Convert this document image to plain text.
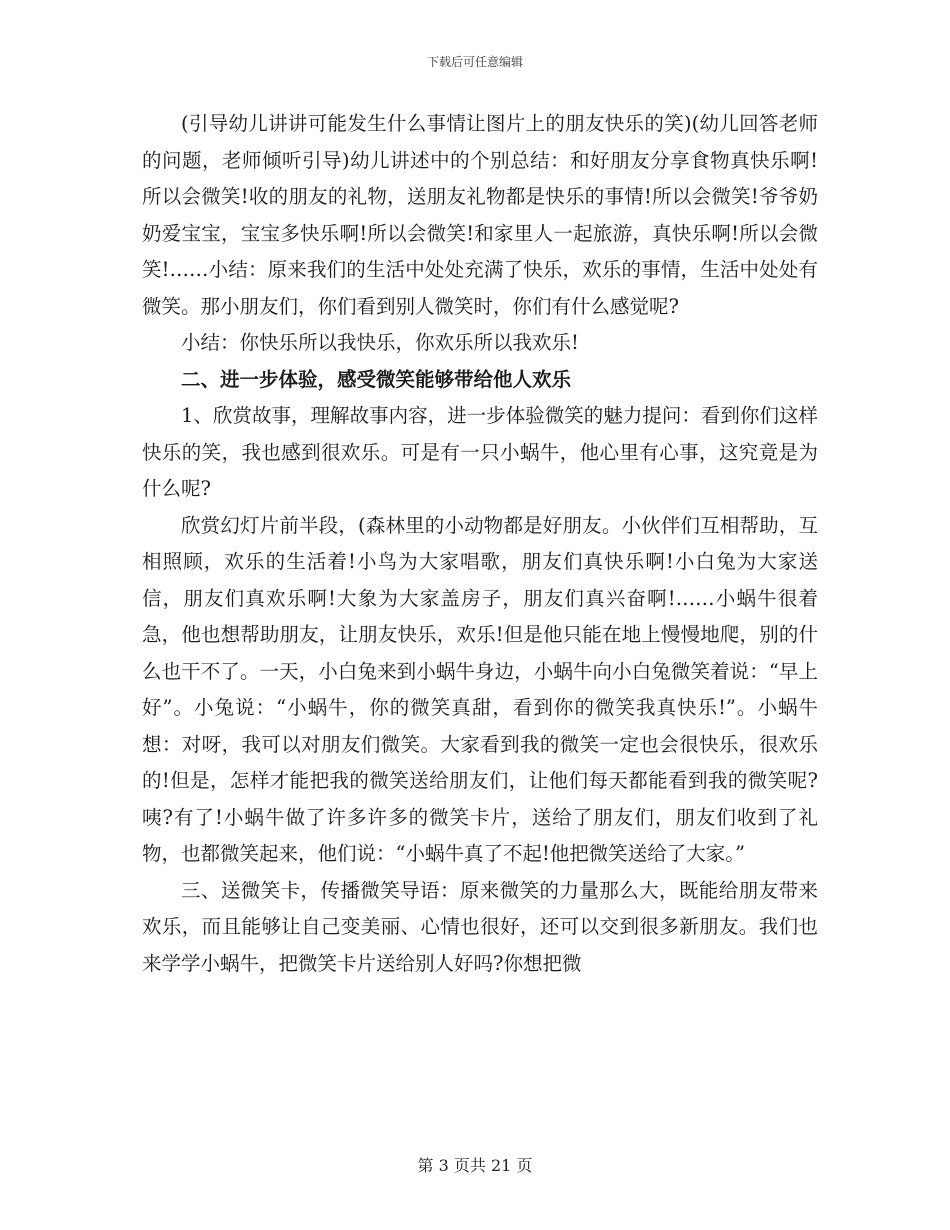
下载后可任意编辑

(引导幼儿讲讲可能发生什么事情让图片上的朋友快乐的笑)(幼儿回答老师的问题，老师倾听引导)幼儿讲述中的个别总结：和好朋友分享食物真快乐啊!所以会微笑!收的朋友的礼物，送朋友礼物都是快乐的事情!所以会微笑!爷爷奶奶爱宝宝，宝宝多快乐啊!所以会微笑!和家里人一起旅游，真快乐啊!所以会微笑!……小结：原来我们的生活中处处充满了快乐，欢乐的事情，生活中处处有微笑。那小朋友们，你们看到别人微笑时，你们有什么感觉呢?

小结：你快乐所以我快乐，你欢乐所以我欢乐!

二、进一步体验，感受微笑能够带给他人欢乐

1、欣赏故事，理解故事内容，进一步体验微笑的魅力提问：看到你们这样快乐的笑，我也感到很欢乐。可是有一只小蜗牛，他心里有心事，这究竟是为什么呢?

欣赏幻灯片前半段，(森林里的小动物都是好朋友。小伙伴们互相帮助，互相照顾，欢乐的生活着!小鸟为大家唱歌，朋友们真快乐啊!小白兔为大家送信，朋友们真欢乐啊!大象为大家盖房子，朋友们真兴奋啊!……小蜗牛很着急，他也想帮助朋友，让朋友快乐，欢乐!但是他只能在地上慢慢地爬，别的什么也干不了。一天，小白兔来到小蜗牛身边，小蜗牛向小白兔微笑着说：“早上好”。小兔说：“小蜗牛，你的微笑真甜，看到你的微笑我真快乐!”。小蜗牛想：对呀，我可以对朋友们微笑。大家看到我的微笑一定也会很快乐，很欢乐的!但是，怎样才能把我的微笑送给朋友们，让他们每天都能看到我的微笑呢?咦?有了!小蜗牛做了许多许多的微笑卡片，送给了朋友们，朋友们收到了礼物，也都微笑起来，他们说：“小蜗牛真了不起!他把微笑送给了大家。”

三、送微笑卡，传播微笑导语：原来微笑的力量那么大，既能给朋友带来欢乐，而且能够让自己变美丽、心情也很好，还可以交到很多新朋友。我们也来学学小蜗牛，把微笑卡片送给别人好吗?你想把微

第 3 页共 21 页
